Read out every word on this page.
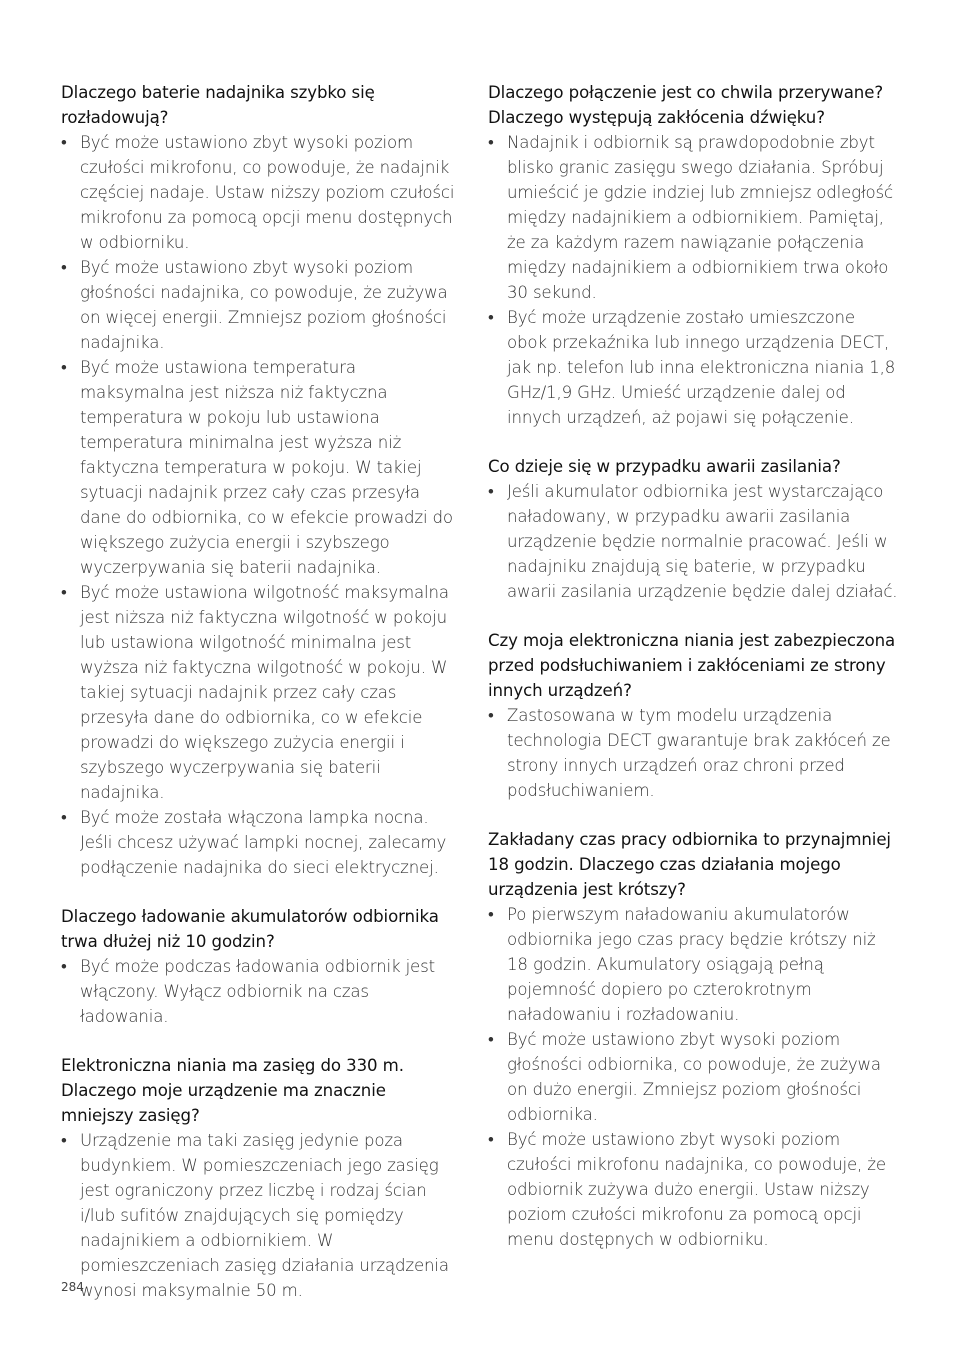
Dlaczego baterie nadajnika szybko się rozładowują?

• Być może ustawiono zbyt wysoki poziom czułości mikrofonu, co powoduje, że nadajnik częściej nadaje. Ustaw niższy poziom czułości mikrofonu za pomocą opcji menu dostępnych w odbiorniku.
• Być może ustawiono zbyt wysoki poziom głośności nadajnika, co powoduje, że zużywa on więcej energii. Zmniejsz poziom głośności nadajnika.
• Być może ustawiona temperatura maksymalna jest niższa niż faktyczna temperatura w pokoju lub ustawiona temperatura minimalna jest wyższa niż faktyczna temperatura w pokoju. W takiej sytuacji nadajnik przez cały czas przesyła dane do odbiornika, co w efekcie prowadzi do większego zużycia energii i szybszego wyczerpywania się baterii nadajnika.
• Być może ustawiona wilgotność maksymalna jest niższa niż faktyczna wilgotność w pokoju lub ustawiona wilgotność minimalna jest wyższa niż faktyczna wilgotność w pokoju. W takiej sytuacji nadajnik przez cały czas przesyła dane do odbiornika, co w efekcie prowadzi do większego zużycia energii i szybszego wyczerpywania się baterii nadajnika.
• Być może została włączona lampka nocna. Jeśli chcesz używać lampki nocnej, zalecamy podłączenie nadajnika do sieci elektrycznej.

Dlaczego ładowanie akumulatorów odbiornika trwa dłużej niż 10 godzin?

• Być może podczas ładowania odbiornik jest włączony. Wyłącz odbiornik na czas ładowania.

Elektroniczna niania ma zasięg do 330 m. Dlaczego moje urządzenie ma znacznie mniejszy zasięg?

• Urządzenie ma taki zasięg jedynie poza budynkiem. W pomieszczeniach jego zasięg jest ograniczony przez liczbę i rodzaj ścian i/lub sufitów znajdujących się pomiędzy nadajnikiem a odbiornikiem. W pomieszczeniach zasięg działania urządzenia wynosi maksymalnie 50 m.

Dlaczego połączenie jest co chwila przerywane? Dlaczego występują zakłócenia dźwięku?

• Nadajnik i odbiornik są prawdopodobnie zbyt blisko granic zasięgu swego działania. Spróbuj umieścić je gdzie indziej lub zmniejsz odległość między nadajnikiem a odbiornikiem. Pamiętaj, że za każdym razem nawiązanie połączenia między nadajnikiem a odbiornikiem trwa około 30 sekund.
• Być może urządzenie zostało umieszczone obok przekaźnika lub innego urządzenia DECT, jak np. telefon lub inna elektroniczna niania 1,8 GHz/1,9 GHz. Umieść urządzenie dalej od innych urządzeń, aż pojawi się połączenie.

Co dzieje się w przypadku awarii zasilania?

• Jeśli akumulator odbiornika jest wystarczająco naładowany, w przypadku awarii zasilania urządzenie będzie normalnie pracować. Jeśli w nadajniku znajdują się baterie, w przypadku awarii zasilania urządzenie będzie dalej działać.

Czy moja elektroniczna niania jest zabezpieczona przed podsłuchiwaniem i zakłóceniami ze strony innych urządzeń?

• Zastosowana w tym modelu urządzenia technologia DECT gwarantuje brak zakłóceń ze strony innych urządzeń oraz chroni przed podsłuchiwaniem.

Zakładany czas pracy odbiornika to przynajmniej 18 godzin. Dlaczego czas działania mojego urządzenia jest krótszy?

• Po pierwszym naładowaniu akumulatorów odbiornika jego czas pracy będzie krótszy niż 18 godzin. Akumulatory osiągają pełną pojemność dopiero po czterokrotnym naładowaniu i rozładowaniu.
• Być może ustawiono zbyt wysoki poziom głośności odbiornika, co powoduje, że zużywa on dużo energii. Zmniejsz poziom głośności odbiornika.
• Być może ustawiono zbyt wysoki poziom czułości mikrofonu nadajnika, co powoduje, że odbiornik zużywa dużo energii. Ustaw niższy poziom czułości mikrofonu za pomocą opcji menu dostępnych w odbiorniku.
284
